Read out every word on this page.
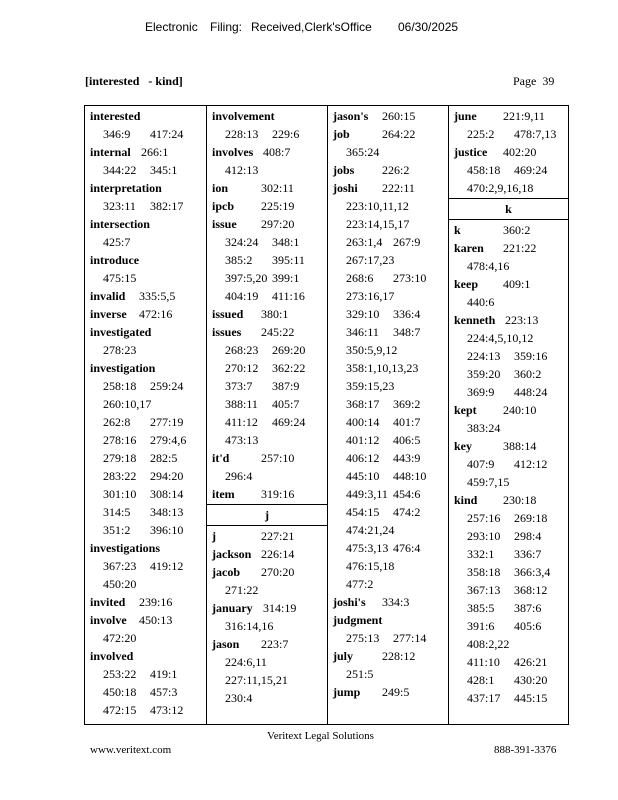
Electronic Filing: Received,Clerk'sOffice 06/30/2025
[interested   - kind]	Page  39
interested
346:9 417:24
internal 266:1
344:22 345:1
interpretation
323:11 382:17
intersection
425:7
introduce
475:15
invalid 335:5,5
inverse 472:16
investigated
278:23
investigation
258:18 259:24
260:10,17
262:8 277:19
278:16 279:4,6
279:18 282:5
283:22 294:20
301:10 308:14
314:5 348:13
351:2 396:10
investigations
367:23 419:12
450:20
invited 239:16
involve 450:13
472:20
involved
253:22 419:1
450:18 457:3
472:15 473:12
involvement
228:13 229:6
involves 408:7
412:13
ion	302:11
ipcb 225:19
issue 297:20
324:24 348:1
385:2 395:11
397:5,20 399:1
404:19 411:16
issued 380:1
issues 245:22
268:23 269:20
270:12 362:22
373:7 387:9
388:11 405:7
411:12 469:24
473:13
it'd	257:10
296:4
item 319:16
j
j	227:21
jackson 226:14
jacob 270:20
271:22
january 314:19
316:14,16
jason 223:7
224:6,11
227:11,15,21
230:4
jason's 260:15
job	264:22
365:24
jobs 226:2
joshi 222:11
223:10,11,12
223:14,15,17
263:1,4 267:9
267:17,23
268:6 273:10
273:16,17
329:10 336:4
346:11 348:7
350:5,9,12
358:1,10,13,23
359:15,23
368:17 369:2
400:14 401:7
401:12 406:5
406:12 443:9
445:10 448:10
449:3,11 454:6
454:15 474:2
474:21,24
475:3,13 476:4
476:15,18
477:2
joshi's 334:3
judgment
275:13 277:14
july 228:12
251:5
jump 249:5
june 221:9,11
225:2 478:7,13
justice 402:20
458:18 469:24
470:2,9,16,18
k
k	360:2
karen 221:22
478:4,16
keep 409:1
440:6
kenneth 223:13
224:4,5,10,12
224:13 359:16
359:20 360:2
369:9 448:24
kept 240:10
383:24
key	388:14
407:9 412:12
459:7,15
kind 230:18
257:16 269:18
293:10 298:4
332:1 336:7
358:18 366:3,4
367:13 368:12
385:5 387:6
391:6 405:6
408:2,22
411:10 426:21
428:1 430:20
437:17 445:15
Veritext Legal Solutions
www.veritext.com	888-391-3376
